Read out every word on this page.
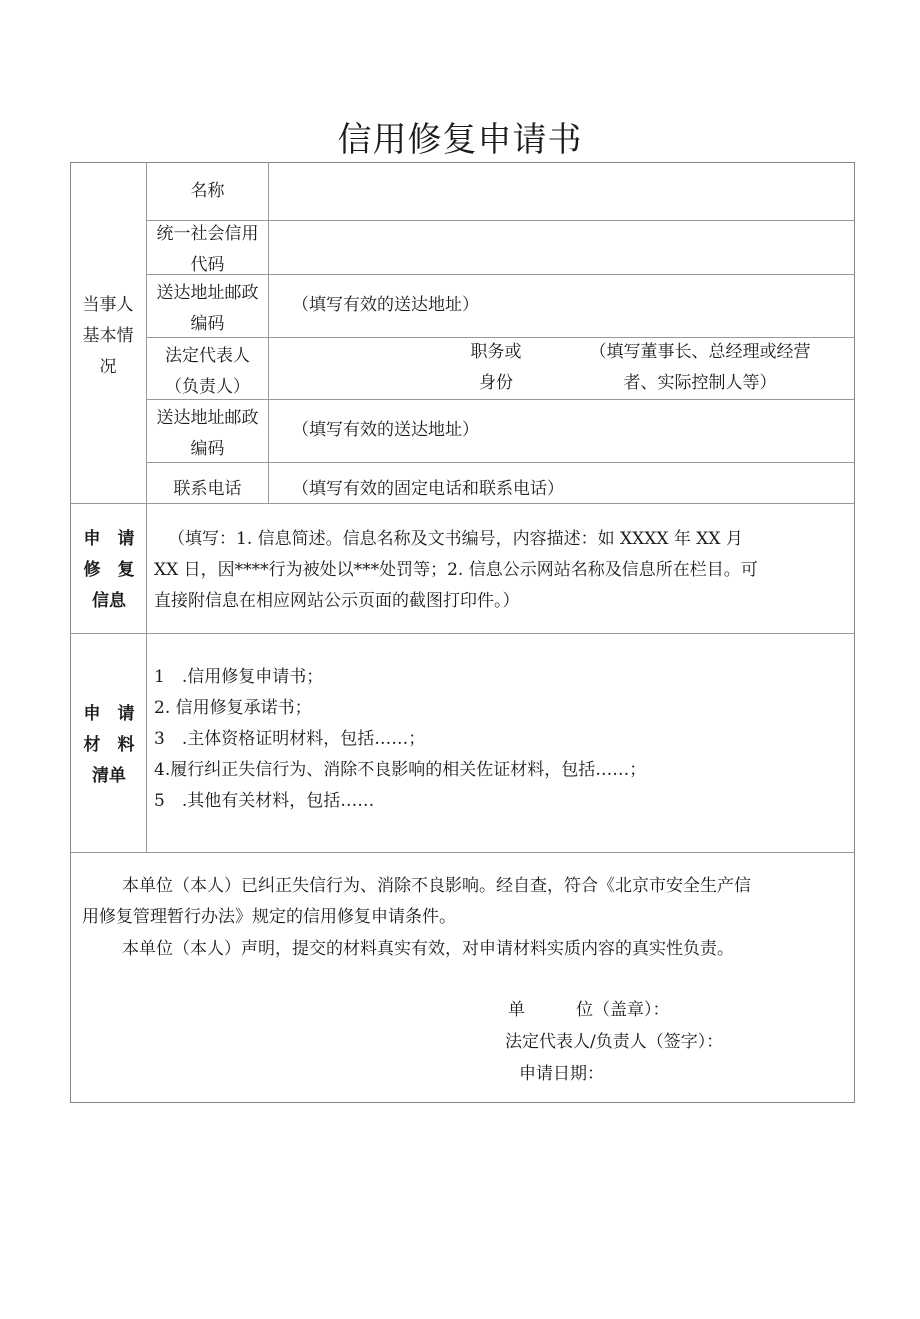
信用修复申请书
当事人
基本情
况
名称
统一社会信用
代码
送达地址邮政
编码
（填写有效的送达地址）
法定代表人
（负责人）
职务或
身份
（填写董事长、总经理或经营
者、实际控制人等）
送达地址邮政
编码
（填写有效的送达地址）
联系电话	（填写有效的固定电话和联系电话）
申　请
修　复
信息
（填写：1. 信息简述。信息名称及文书编号，内容描述：如 XXXX 年 XX 月
XX 日，因****行为被处以***处罚等；2. 信息公示网站名称及信息所在栏目。可
直接附信息在相应网站公示页面的截图打印件。）
申　请
材　料
清单
1　.信用修复申请书；
2. 信用修复承诺书；
3　.主体资格证明材料，包括……；
4.履行纠正失信行为、消除不良影响的相关佐证材料，包括……；
5　.其他有关材料，包括……
本单位（本人）已纠正失信行为、消除不良影响。经自查，符合《北京市安全生产信
用修复管理暂行办法》规定的信用修复申请条件。
本单位（本人）声明，提交的材料真实有效，对申请材料实质内容的真实性负责。
单　　　位（盖章）：
法定代表人/负责人（签字）：
申请日期：
